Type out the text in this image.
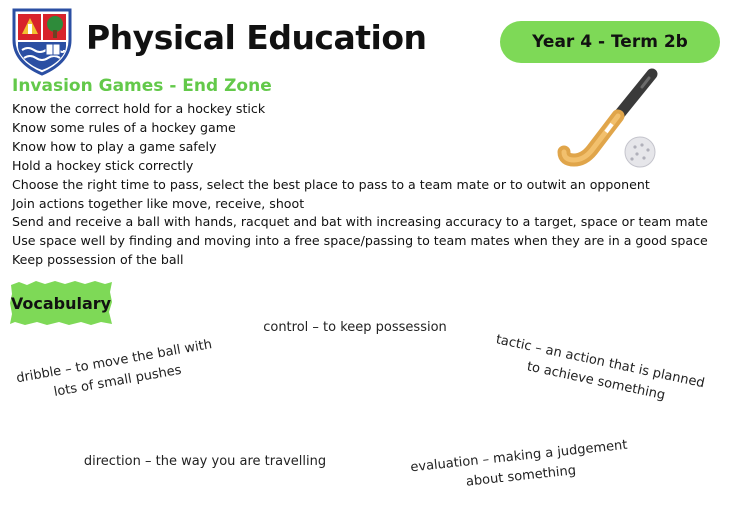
Physical Education	Year 4 - Term 2b
Invasion Games - End Zone
Know the correct hold for a hockey stick
Know some rules of a hockey game
Know how to play a game safely
Hold a hockey stick correctly
Choose the right time to pass, select the best place to pass to a team mate or to outwit an opponent
Join actions together like move, receive, shoot
Send and receive a ball with hands, racquet and bat with increasing accuracy to a target, space or team mate
Use space well by finding and moving into a free space/passing to team mates when they are in a good space
Keep possession of the ball
Vocabulary
control – to keep possession
dribble – to move the ball with lots of small pushes	tactic – an action that is planned to achieve something
direction – the way you are travelling	evaluation – making a judgement about something
